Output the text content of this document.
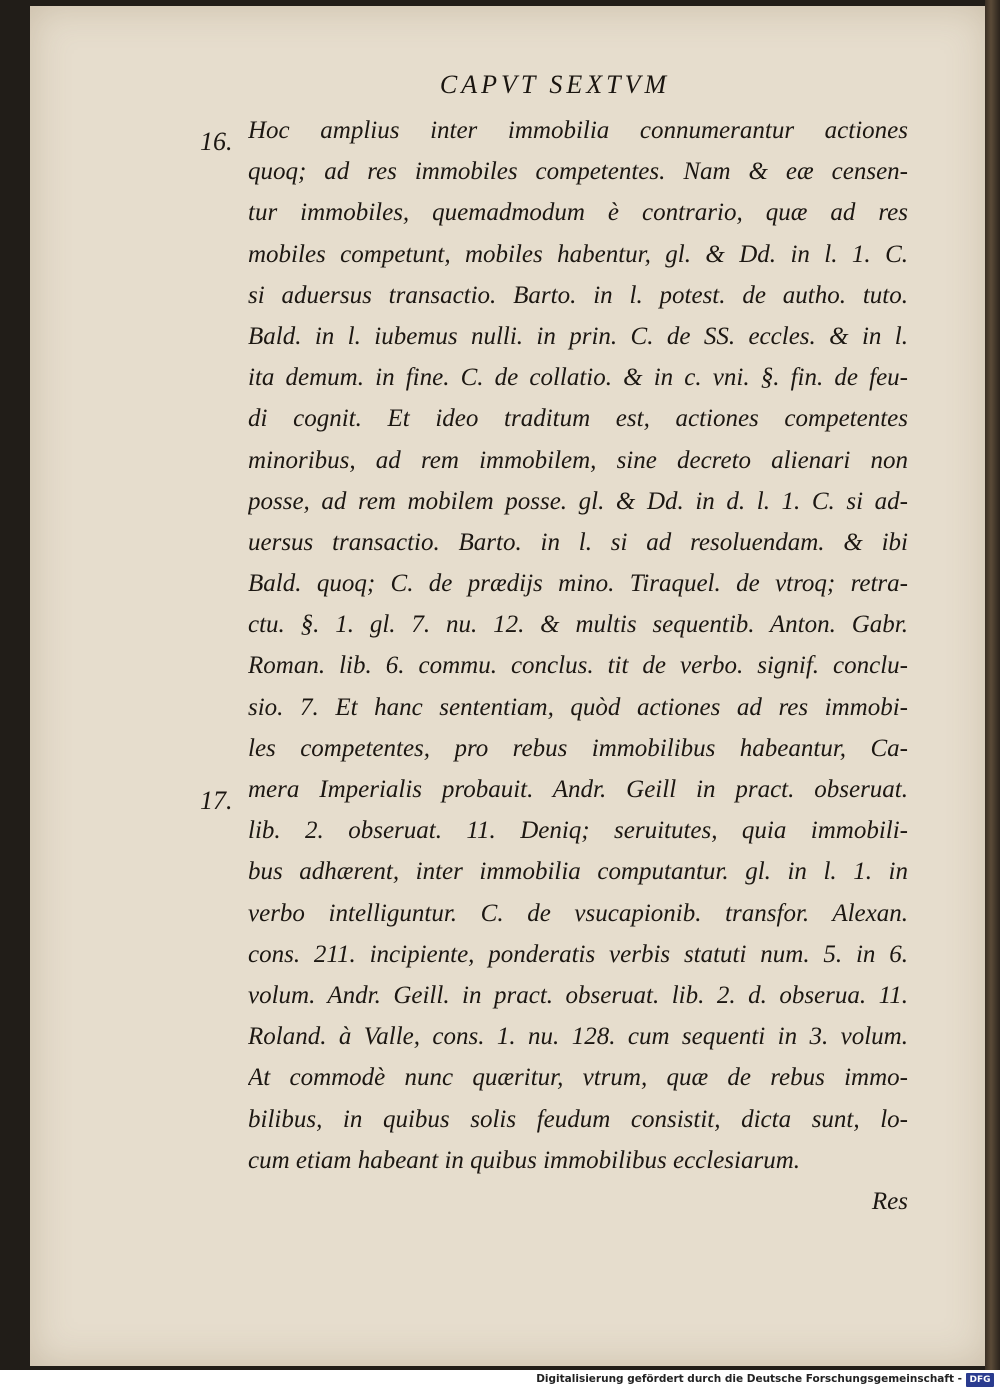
CAPVT SEXTVM
16.
17.
Hoc amplius inter immobilia connumerantur actiones
quoq; ad res immobiles competentes. Nam & eæ censen-
tur immobiles, quemadmodum è contrario, quæ ad res
mobiles competunt, mobiles habentur, gl. & Dd. in l. 1. C.
si aduersus transactio. Barto. in l. potest. de autho. tuto.
Bald. in l. iubemus nulli. in prin. C. de SS. eccles. & in l.
ita demum. in fine. C. de collatio. & in c. vni. §. fin. de feu-
di cognit. Et ideo traditum est, actiones competentes
minoribus, ad rem immobilem, sine decreto alienari non
posse, ad rem mobilem posse. gl. & Dd. in d. l. 1. C. si ad-
uersus transactio. Barto. in l. si ad resoluendam. & ibi
Bald. quoq; C. de prædijs mino. Tiraquel. de vtroq; retra-
ctu. §. 1. gl. 7. nu. 12. & multis sequentib. Anton. Gabr.
Roman. lib. 6. commu. conclus. tit de verbo. signif. conclu-
sio. 7. Et hanc sententiam, quòd actiones ad res immobi-
les competentes, pro rebus immobilibus habeantur, Ca-
mera Imperialis probauit. Andr. Geill in pract. obseruat.
lib. 2. obseruat. 11. Deniq; seruitutes, quia immobili-
bus adhærent, inter immobilia computantur. gl. in l. 1. in
verbo intelliguntur. C. de vsucapionib. transfor. Alexan.
cons. 211. incipiente, ponderatis verbis statuti num. 5. in 6.
volum. Andr. Geill. in pract. obseruat. lib. 2. d. obserua. 11.
Roland. à Valle, cons. 1. nu. 128. cum sequenti in 3. volum.
At commodè nunc quæritur, vtrum, quæ de rebus immo-
bilibus, in quibus solis feudum consistit, dicta sunt, lo-
cum etiam habeant in quibus immobilibus ecclesiarum.
Res
Digitalisierung gefördert durch die Deutsche Forschungsgemeinschaft - DFG
